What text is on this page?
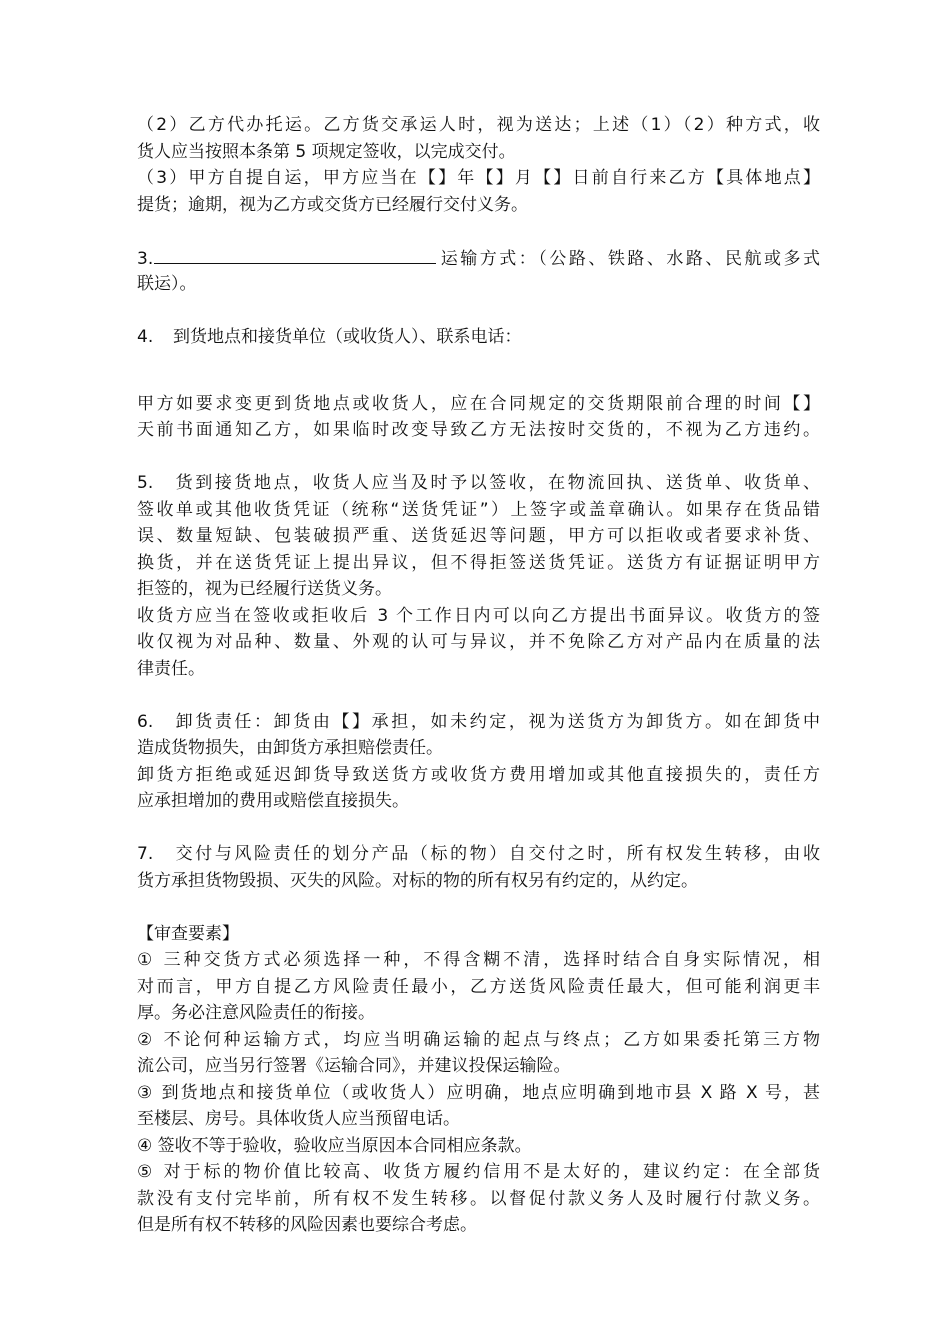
（2）乙方代办托运。乙方货交承运人时，视为送达；上述（1）（2）种方式，收
货人应当按照本条第 5 项规定签收，以完成交付。
（3）甲方自提自运，甲方应当在【】年【】月【】日前自行来乙方【具体地点】
提货；逾期，视为乙方或交货方已经履行交付义务。
3.	运输方式：（公路、铁路、水路、民航或多式
联运）。
4. 到货地点和接货单位（或收货人）、联系电话：
甲方如要求变更到货地点或收货人，应在合同规定的交货期限前合理的时间【】
天前书面通知乙方，如果临时改变导致乙方无法按时交货的，不视为乙方违约。
5. 货到接货地点，收货人应当及时予以签收，在物流回执、送货单、收货单、
签收单或其他收货凭证（统称“送货凭证”）上签字或盖章确认。如果存在货品错
误、数量短缺、包装破损严重、送货延迟等问题，甲方可以拒收或者要求补货、
换货，并在送货凭证上提出异议，但不得拒签送货凭证。送货方有证据证明甲方
拒签的，视为已经履行送货义务。
收货方应当在签收或拒收后 3 个工作日内可以向乙方提出书面异议。收货方的签
收仅视为对品种、数量、外观的认可与异议，并不免除乙方对产品内在质量的法
律责任。
6. 卸货责任：卸货由【】承担，如未约定，视为送货方为卸货方。如在卸货中
造成货物损失，由卸货方承担赔偿责任。
卸货方拒绝或延迟卸货导致送货方或收货方费用增加或其他直接损失的，责任方
应承担增加的费用或赔偿直接损失。
7. 交付与风险责任的划分产品（标的物）自交付之时，所有权发生转移，由收
货方承担货物毁损、灭失的风险。对标的物的所有权另有约定的，从约定。
【审查要素】
① 三种交货方式必须选择一种，不得含糊不清，选择时结合自身实际情况，相
对而言，甲方自提乙方风险责任最小，乙方送货风险责任最大，但可能利润更丰
厚。务必注意风险责任的衔接。
② 不论何种运输方式，均应当明确运输的起点与终点；乙方如果委托第三方物
流公司，应当另行签署《运输合同》，并建议投保运输险。
③ 到货地点和接货单位（或收货人）应明确，地点应明确到地市县 X 路 X 号，甚
至楼层、房号。具体收货人应当预留电话。
④ 签收不等于验收，验收应当原因本合同相应条款。
⑤ 对于标的物价值比较高、收货方履约信用不是太好的，建议约定：在全部货
款没有支付完毕前，所有权不发生转移。以督促付款义务人及时履行付款义务。
但是所有权不转移的风险因素也要综合考虑。
